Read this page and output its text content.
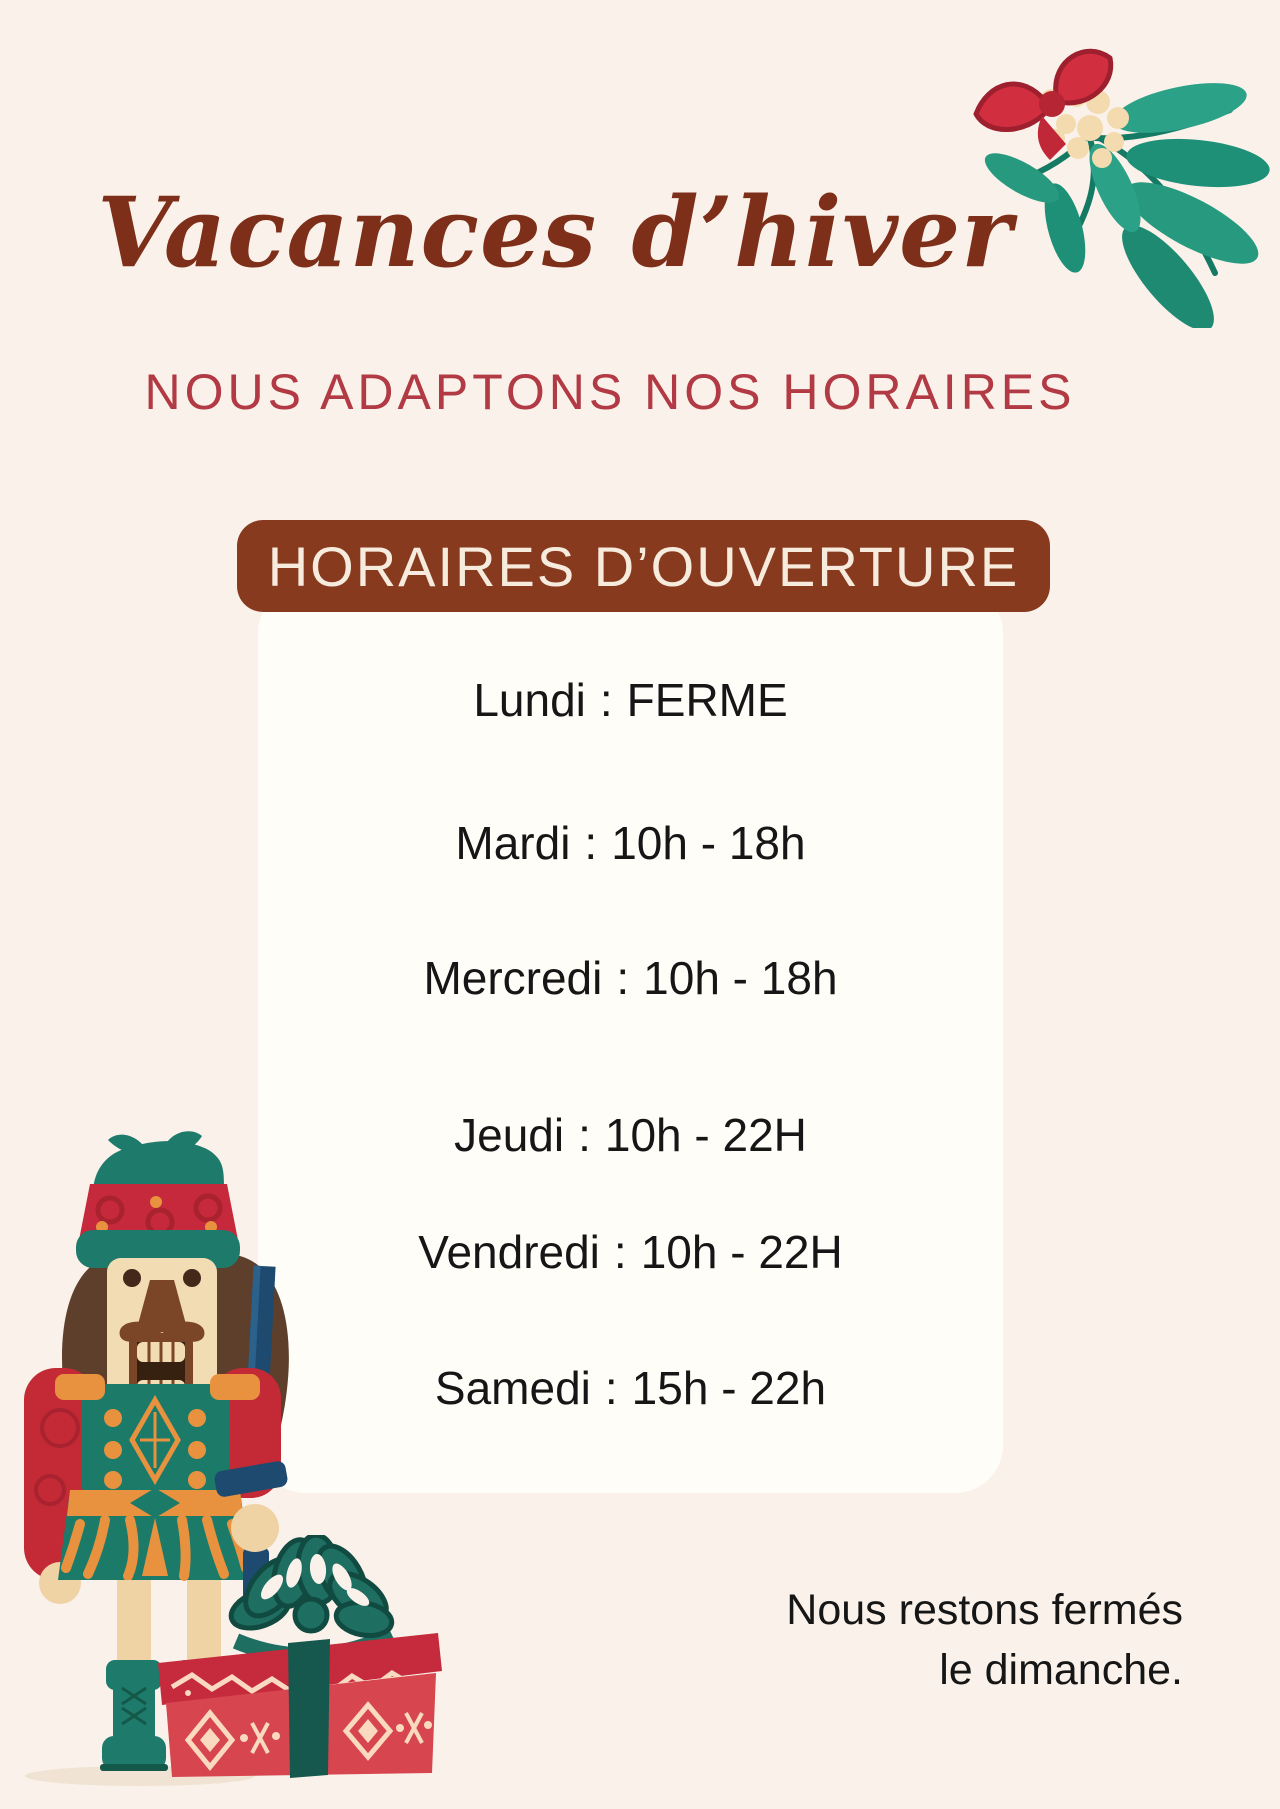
Vacances d’hiver
NOUS ADAPTONS NOS HORAIRES
HORAIRES D’OUVERTURE
Lundi : FERME
Mardi : 10h - 18h
Mercredi : 10h - 18h
Jeudi : 10h - 22H
Vendredi : 10h - 22H
Samedi : 15h - 22h
Nous restons fermés
le dimanche.
